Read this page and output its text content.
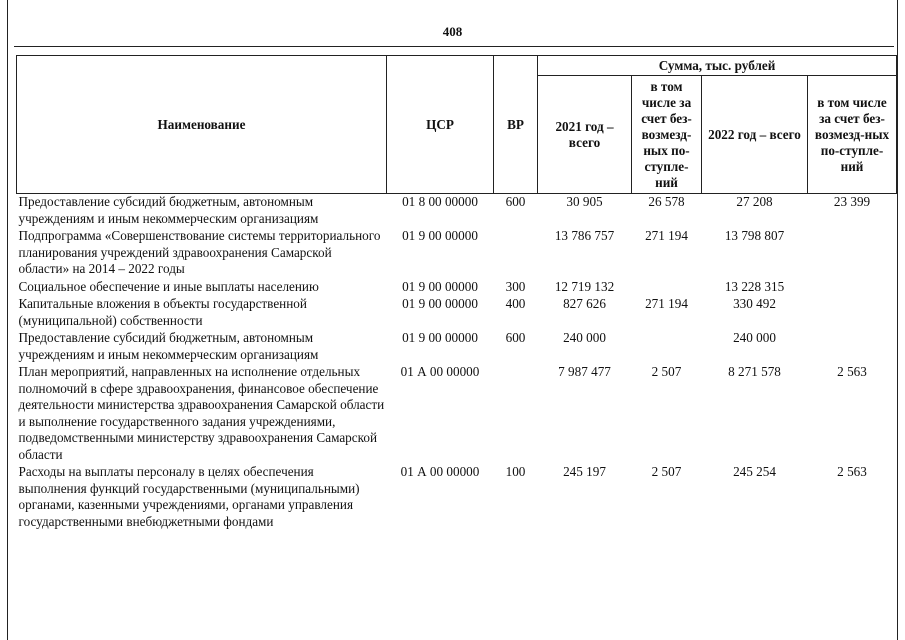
408
Наименование	ЦСР	ВР	Сумма, тыс. рублей			
			2021 год – всего	в том числе за счет без-возмезд-ных по-ступле-ний	2022 год – всего	в том числе за счет без-возмезд-ных по-ступле-ний
Предоставление субсидий бюджетным, автономным учреждениям и иным некоммерческим организациям	01 8 00 00000	600	30 905	26 578	27 208	23 399
Подпрограмма «Совершенствование системы территориального планирования учреждений здравоохранения Самарской области» на 2014 – 2022 годы	01 9 00 00000		13 786 757	271 194	13 798 807	
Социальное обеспечение и иные выплаты населению	01 9 00 00000	300	12 719 132		13 228 315	
Капитальные вложения в объекты государственной (муниципальной) собственности	01 9 00 00000	400	827 626	271 194	330 492	
Предоставление субсидий бюджетным, автономным учреждениям и иным некоммерческим организациям	01 9 00 00000	600	240 000		240 000	
План мероприятий, направленных на исполнение отдельных полномочий в сфере здравоохранения, финансовое обеспечение деятельности министерства здравоохранения Самарской области и выполнение государственного задания учреждениями, подведомственными министерству здравоохранения Самарской области	01 А 00 00000		7 987 477	2 507	8 271 578	2 563
Расходы на выплаты персоналу в целях обеспечения выполнения функций государственными (муниципальными) органами, казенными учреждениями, органами управления государственными внебюджетными фондами	01 А 00 00000	100	245 197	2 507	245 254	2 563
